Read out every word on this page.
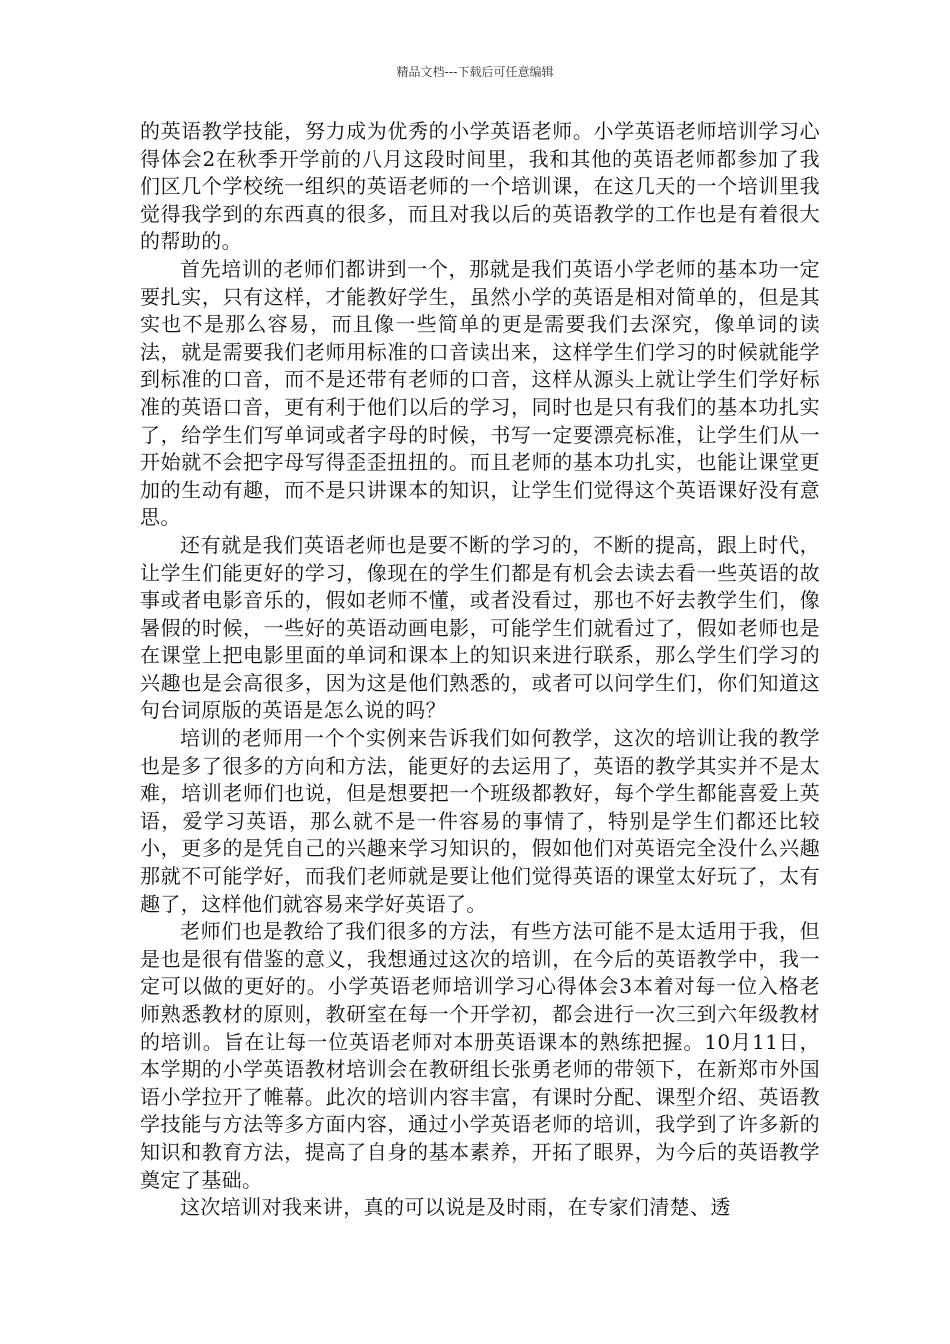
精品文档---下载后可任意编辑

的英语教学技能，努力成为优秀的小学英语老师。小学英语老师培训学习心得体会2在秋季开学前的八月这段时间里，我和其他的英语老师都参加了我们区几个学校统一组织的英语老师的一个培训课，在这几天的一个培训里我觉得我学到的东西真的很多，而且对我以后的英语教学的工作也是有着很大的帮助的。

首先培训的老师们都讲到一个，那就是我们英语小学老师的基本功一定要扎实，只有这样，才能教好学生，虽然小学的英语是相对简单的，但是其实也不是那么容易，而且像一些简单的更是需要我们去深究，像单词的读法，就是需要我们老师用标准的口音读出来，这样学生们学习的时候就能学到标准的口音，而不是还带有老师的口音，这样从源头上就让学生们学好标准的英语口音，更有利于他们以后的学习，同时也是只有我们的基本功扎实了，给学生们写单词或者字母的时候，书写一定要漂亮标准，让学生们从一开始就不会把字母写得歪歪扭扭的。而且老师的基本功扎实，也能让课堂更加的生动有趣，而不是只讲课本的知识，让学生们觉得这个英语课好没有意思。

还有就是我们英语老师也是要不断的学习的，不断的提高，跟上时代，让学生们能更好的学习，像现在的学生们都是有机会去读去看一些英语的故事或者电影音乐的，假如老师不懂，或者没看过，那也不好去教学生们，像暑假的时候，一些好的英语动画电影，可能学生们就看过了，假如老师也是在课堂上把电影里面的单词和课本上的知识来进行联系，那么学生们学习的兴趣也是会高很多，因为这是他们熟悉的，或者可以问学生们，你们知道这句台词原版的英语是怎么说的吗？

培训的老师用一个个实例来告诉我们如何教学，这次的培训让我的教学也是多了很多的方向和方法，能更好的去运用了，英语的教学其实并不是太难，培训老师们也说，但是想要把一个班级都教好，每个学生都能喜爱上英语，爱学习英语，那么就不是一件容易的事情了，特别是学生们都还比较小，更多的是凭自己的兴趣来学习知识的，假如他们对英语完全没什么兴趣那就不可能学好，而我们老师就是要让他们觉得英语的课堂太好玩了，太有趣了，这样他们就容易来学好英语了。

老师们也是教给了我们很多的方法，有些方法可能不是太适用于我，但是也是很有借鉴的意义，我想通过这次的培训，在今后的英语教学中，我一定可以做的更好的。小学英语老师培训学习心得体会3本着对每一位入格老师熟悉教材的原则，教研室在每一个开学初，都会进行一次三到六年级教材的培训。旨在让每一位英语老师对本册英语课本的熟练把握。10月11日，本学期的小学英语教材培训会在教研组长张勇老师的带领下，在新郑市外国语小学拉开了帷幕。此次的培训内容丰富，有课时分配、课型介绍、英语教学技能与方法等多方面内容，通过小学英语老师的培训，我学到了许多新的知识和教育方法，提高了自身的基本素养，开拓了眼界，为今后的英语教学奠定了基础。

这次培训对我来讲，真的可以说是及时雨，在专家们清楚、透
